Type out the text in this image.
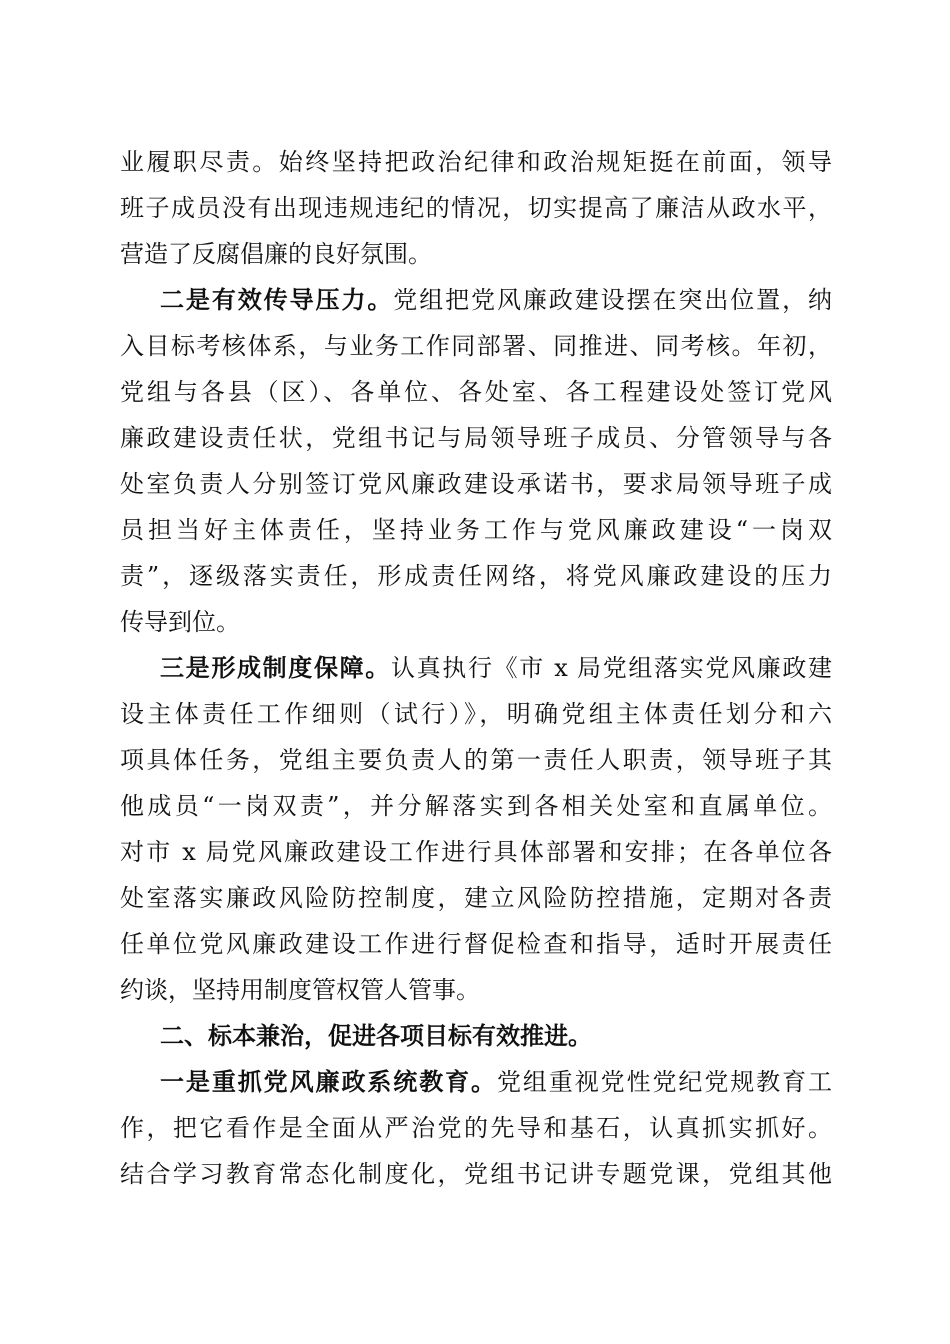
业履职尽责。始终坚持把政治纪律和政治规矩挺在前面，领导
班子成员没有出现违规违纪的情况，切实提高了廉洁从政水平，
营造了反腐倡廉的良好氛围。
二是有效传导压力。党组把党风廉政建设摆在突出位置，纳
入目标考核体系，与业务工作同部署、同推进、同考核。年初，
党组与各县（区）、各单位、各处室、各工程建设处签订党风
廉政建设责任状，党组书记与局领导班子成员、分管领导与各
处室负责人分别签订党风廉政建设承诺书，要求局领导班子成
员担当好主体责任，坚持业务工作与党风廉政建设“一岗双
责”，逐级落实责任，形成责任网络，将党风廉政建设的压力
传导到位。
三是形成制度保障。认真执行《市 x 局党组落实党风廉政建
设主体责任工作细则（试行）》，明确党组主体责任划分和六
项具体任务，党组主要负责人的第一责任人职责，领导班子其
他成员“一岗双责”，并分解落实到各相关处室和直属单位。
对市 x 局党风廉政建设工作进行具体部署和安排；在各单位各
处室落实廉政风险防控制度，建立风险防控措施，定期对各责
任单位党风廉政建设工作进行督促检查和指导，适时开展责任
约谈，坚持用制度管权管人管事。
二、标本兼治，促进各项目标有效推进。
一是重抓党风廉政系统教育。党组重视党性党纪党规教育工
作，把它看作是全面从严治党的先导和基石，认真抓实抓好。
结合学习教育常态化制度化，党组书记讲专题党课，党组其他
